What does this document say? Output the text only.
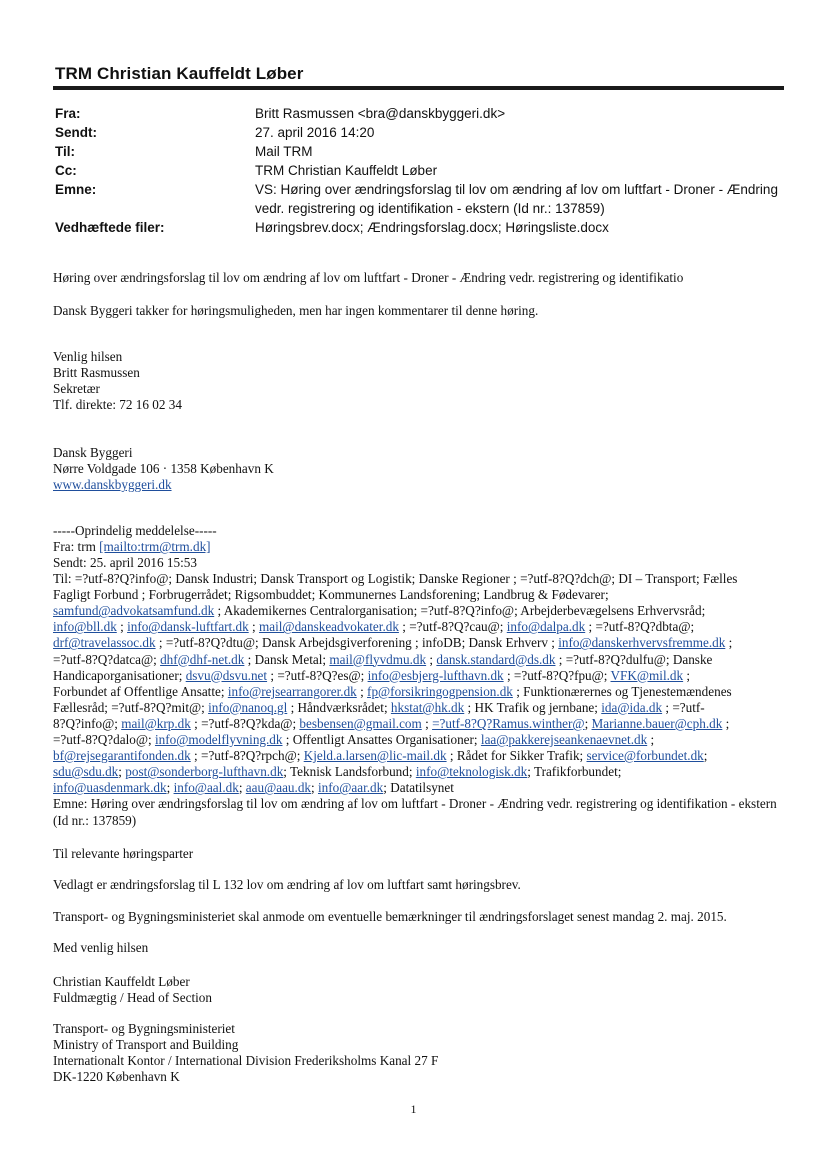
TRM Christian Kauffeldt Løber
Fra:	Britt Rasmussen <bra@danskbyggeri.dk>
Sendt:	27. april 2016 14:20
Til:	Mail TRM
Cc:	TRM Christian Kauffeldt Løber
Emne:	VS: Høring over ændringsforslag til lov om ændring af lov om luftfart - Droner - Ændring vedr. registrering og identifikation - ekstern (Id nr.: 137859)
Vedhæftede filer:	Høringsbrev.docx; Ændringsforslag.docx; Høringsliste.docx
Høring over ændringsforslag til lov om ændring af lov om luftfart - Droner - Ændring vedr. registrering og identifikatio
Dansk Byggeri takker for høringsmuligheden, men har ingen kommentarer til denne høring.
Venlig hilsen
Britt Rasmussen
Sekretær
Tlf. direkte: 72 16 02 34
Dansk Byggeri
Nørre Voldgade 106 · 1358 København K
www.danskbyggeri.dk
-----Oprindelig meddelelse-----
Fra: trm [mailto:trm@trm.dk]
Sendt: 25. april 2016 15:53
Til: =?utf-8?Q?info@; Dansk Industri; Dansk Transport og Logistik; Danske Regioner ; =?utf-8?Q?dch@; DI – Transport; Fælles
Fagligt Forbund ; Forbrugerrådet; Rigsombuddet; Kommunernes Landsforening; Landbrug & Fødevarer;
samfund@advokatsamfund.dk ; Akademikernes Centralorganisation; =?utf-8?Q?info@; Arbejderbevægelsens Erhvervsråd;
info@bll.dk ; info@dansk-luftfart.dk ; mail@danskeadvokater.dk ; =?utf-8?Q?cau@; info@dalpa.dk ; =?utf-8?Q?dbta@;
drf@travelassoc.dk ; =?utf-8?Q?dtu@; Dansk Arbejdsgiverforening ; infoDB; Dansk Erhverv ; info@danskerhvervsfremme.dk ;
=?utf-8?Q?datca@; dhf@dhf-net.dk ; Dansk Metal; mail@flyvdmu.dk ; dansk.standard@ds.dk ; =?utf-8?Q?dulfu@; Danske
Handicaporganisationer; dsvu@dsvu.net ; =?utf-8?Q?es@; info@esbjerg-lufthavn.dk ; =?utf-8?Q?fpu@; VFK@mil.dk ;
Forbundet af Offentlige Ansatte; info@rejsearrangorer.dk ; fp@forsikringogpension.dk ; Funktionærernes og Tjenestemændenes
Fællesråd; =?utf-8?Q?mit@; info@nanoq.gl ; Håndværksrådet; hkstat@hk.dk ; HK Trafik og jernbane; ida@ida.dk ; =?utf-
8?Q?info@; mail@krp.dk ; =?utf-8?Q?kda@; besbensen@gmail.com ; =?utf-8?Q?Ramus.winther@; Marianne.bauer@cph.dk ;
=?utf-8?Q?dalo@; info@modelflyvning.dk ; Offentligt Ansattes Organisationer; laa@pakkerejseankenaevnet.dk ;
bf@rejsegarantifonden.dk ; =?utf-8?Q?rpch@; Kjeld.a.larsen@lic-mail.dk ; Rådet for Sikker Trafik; service@forbundet.dk;
sdu@sdu.dk; post@sonderborg-lufthavn.dk; Teknisk Landsforbund; info@teknologisk.dk; Trafikforbundet;
info@uasdenmark.dk; info@aal.dk; aau@aau.dk; info@aar.dk; Datatilsynet
Emne: Høring over ændringsforslag til lov om ændring af lov om luftfart - Droner - Ændring vedr. registrering og identifikation - ekstern (Id nr.: 137859)
Til relevante høringsparter
Vedlagt er ændringsforslag til L 132 lov om ændring af lov om luftfart samt høringsbrev.
Transport- og Bygningsministeriet skal anmode om eventuelle bemærkninger til ændringsforslaget senest mandag 2. maj. 2015.
Med venlig hilsen
Christian Kauffeldt Løber
Fuldmægtig / Head of Section
Transport- og Bygningsministeriet
Ministry of Transport and Building
Internationalt Kontor / International Division Frederiksholms Kanal 27 F
DK-1220 København K
1
